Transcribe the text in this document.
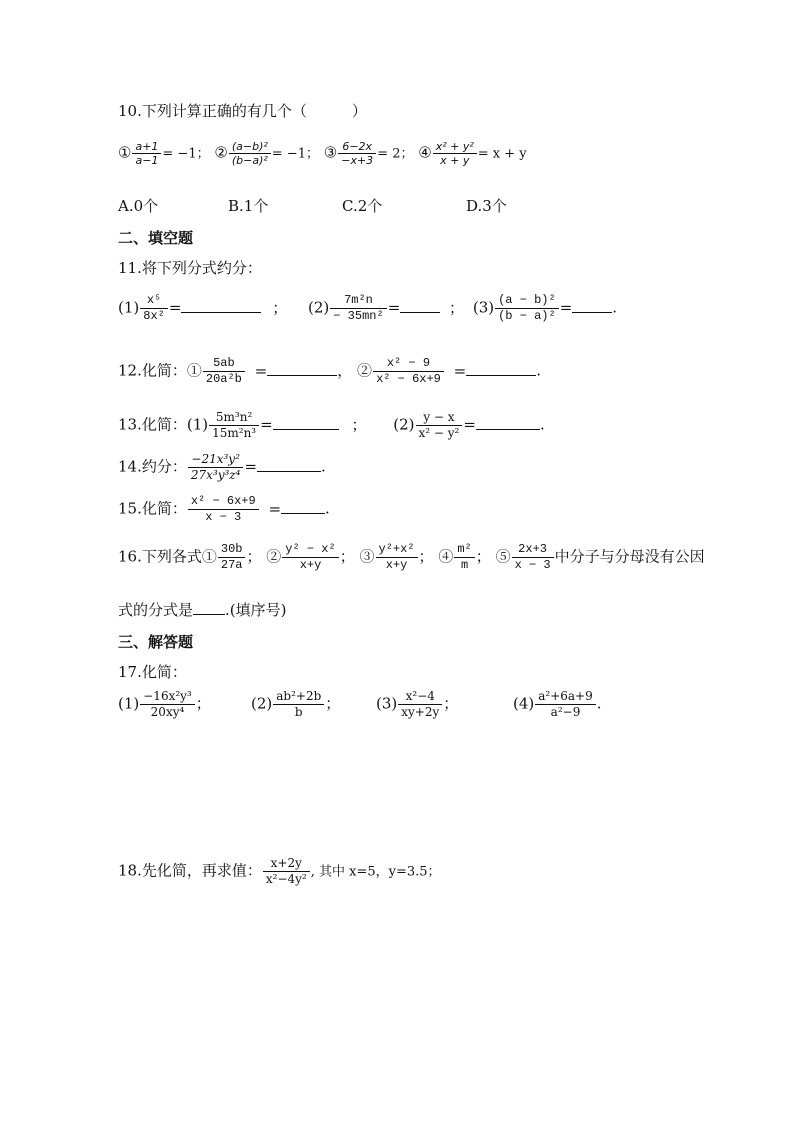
10.下列计算正确的有几个（　　　）
① $\frac{a+1}{a-1} = -1$； ② $\frac{\text{(a−b)²}}{\text{(b−a)²}} = -1$； ③ $\frac{6-2x}{-x+3} = 2$； ④ $\frac{\text{x² + y²}}{x + y} = x + y$
A.0个	B.1个	C.2个	D.3个
二、填空题
11.将下列分式约分：
$(1) \frac{\text{x⁵}}{\text{8x²}}$ =	； $(2) \frac{\text{7m²n}}{\text{− 35mn²}}$ =	； $(3) \frac{\text{(a − b)²}}{\text{(b − a)²}}$ =	.
12.化简：① $\frac{5ab}{\text{20a²b}}$ =	， ② $\frac{\text{x² − 9}}{\text{x² − 6x+9}}$ =	.
13.化简：$(1) \frac{\text{5m³n²}}{\text{15m²n³}}$ =	； $(2) \frac{y - x}{\text{x² − y²}}$ =	.
14.约分： $\frac{\text{−21x³y²}}{\text{27x³y³z⁴}}$ =	.
15.化简： $\frac{\text{x² − 6x+9}}{x - 3}$ =	.
16.下列各式① $\frac{30b}{27a}$ ； ② $\frac{\text{y² − x²}}{x+y}$ ； ③ $\frac{\text{y²+x²}}{x+y}$ ； ④ $\frac{\text{m²}}{m}$ ； ⑤ $\frac{2x+3}{x - 3}$ 中分子与分母没有公因
式的分式是 .(填序号)
三、解答题
17.化简：
$(1) \frac{\text{−16x²y³}}{\text{20xy⁴}}$ ；	$(2) \frac{\text{ab²+2b}}{b}$ ； $(3) \frac{\text{x²−4}}{xy+2y}$ ；	$(4) \frac{\text{a²+6a+9}}{\text{a²−9}}$ .
18.先化简，再求值： $\frac{x+2y}{\text{x²−4y²}}$ , 其中 x=5，y=3.5；
